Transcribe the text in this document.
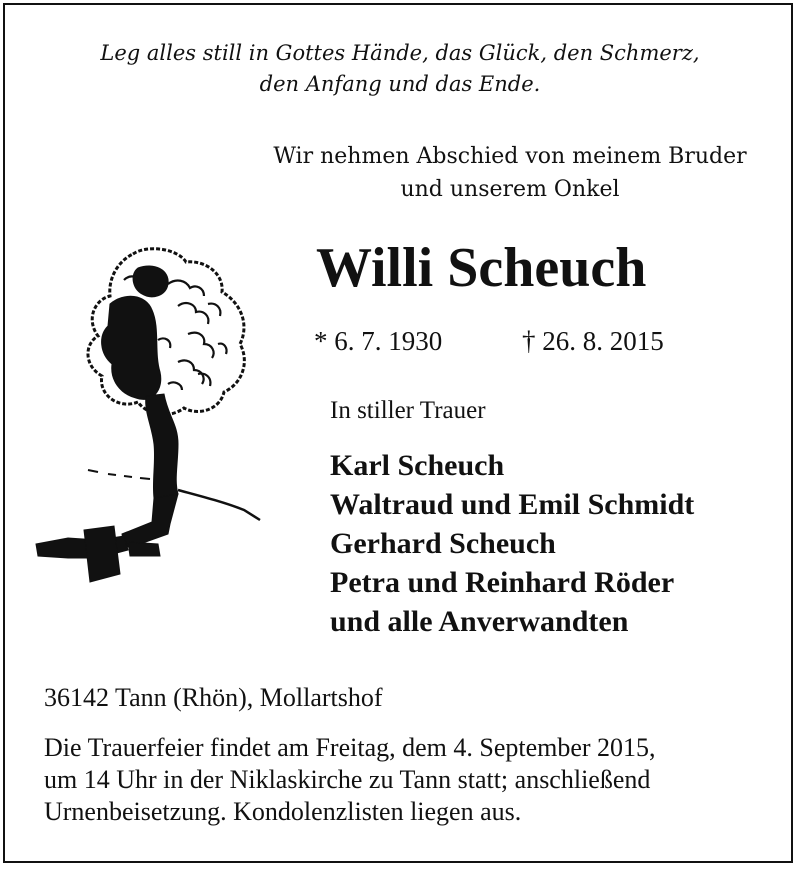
Leg alles still in Gottes Hände, das Glück, den Schmerz,
den Anfang und das Ende.
Wir nehmen Abschied von meinem Bruder
und unserem Onkel
Willi Scheuch
* 6. 7. 1930	† 26. 8. 2015
In stiller Trauer
Karl Scheuch
Waltraud und Emil Schmidt
Gerhard Scheuch
Petra und Reinhard Röder
und alle Anverwandten
36142 Tann (Rhön), Mollartshof
Die Trauerfeier findet am Freitag, dem 4. September 2015,
um 14 Uhr in der Niklaskirche zu Tann statt; anschließend
Urnenbeisetzung. Kondolenzlisten liegen aus.
